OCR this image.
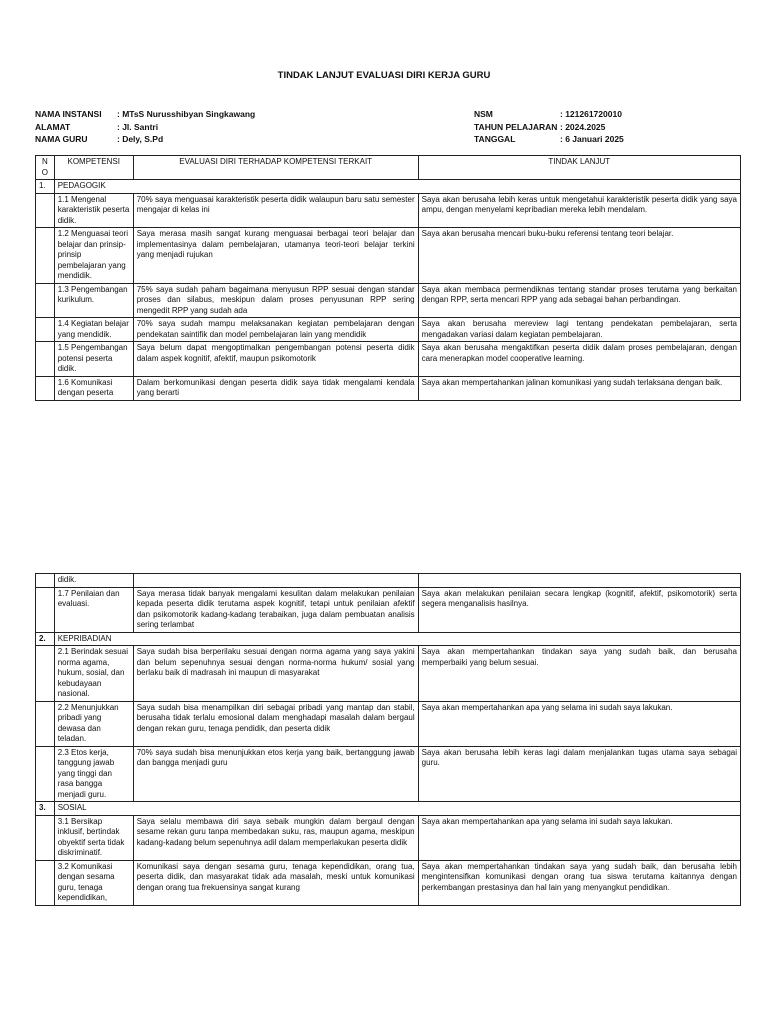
TINDAK LANJUT EVALUASI DIRI KERJA GURU
NAMA INSTANSI	: MTsS Nurusshibyan Singkawang
ALAMAT	: Jl. Santri
NAMA GURU	: Dely, S.Pd
NSM	: 121261720010
TAHUN PELAJARAN : 2024.2025
TANGGAL	: 6 Januari 2025
N O	KOMPETENSI	EVALUASI DIRI TERHADAP KOMPETENSI TERKAIT	TINDAK LANJUT
1.	PEDAGOGIK		
	1.1 Mengenal karakteristik peserta didik.	70% saya menguasai karakteristik peserta didik walaupun baru satu semester mengajar di kelas ini	Saya akan berusaha lebih keras untuk mengetahui karakteristik peserta didik yang saya ampu, dengan menyelami kepribadian mereka lebih mendalam.
	1.2 Menguasai teori belajar dan prinsip-prinsip pembelajaran yang mendidik.	Saya merasa masih sangat kurang menguasai berbagai teori belajar dan implementasinya dalam pembelajaran, utamanya teori-teori belajar terkini yang menjadi rujukan	Saya akan berusaha mencari buku-buku referensi tentang teori belajar.
	1.3 Pengembangan kurikulum.	75% saya sudah paham bagaimana menyusun RPP sesuai dengan standar proses dan silabus, meskipun dalam proses penyusunan RPP sering mengedit RPP yang sudah ada	Saya akan membaca permendiknas tentang standar proses terutama yang berkaitan dengan RPP, serta mencari RPP yang ada sebagai bahan perbandingan.
	1.4 Kegiatan belajar yang mendidik.	70% saya sudah mampu melaksanakan kegiatan pembelajaran dengan pendekatan saintifik dan model pembelajaran lain yang mendidik	Saya akan berusaha mereview lagi tentang pendekatan pembelajaran, serta mengadakan variasi dalam kegiatan pembelajaran.
	1.5 Pengembangan potensi peserta didik.	Saya belum dapat mengoptimalkan pengembangan potensi peserta didik dalam aspek kognitif, afektif, maupun psikomotorik	Saya akan berusaha mengaktifkan peserta didik dalam proses pembelajaran, dengan cara menerapkan model cooperative learning.
	1.6 Komunikasi dengan peserta	Dalam berkomunikasi dengan peserta didik saya tidak mengalami kendala yang berarti	Saya akan mempertahankan jalinan komunikasi yang sudah terlaksana dengan baik.
	didik.		
	1.7 Penilaian dan evaluasi.	Saya merasa tidak banyak mengalami kesulitan dalam melakukan penilaian kepada peserta didik terutama aspek kognitif, tetapi untuk penilaian afektif dan psikomotorik kadang-kadang terabaikan, juga dalam pembuatan analisis sering terlambat	Saya akan melakukan penilaian secara lengkap (kognitif, afektif, psikomotorik) serta segera menganalisis hasilnya.
2.	KEPRIBADIAN		
	2.1 Berindak sesuai norma agama, hukum, sosial, dan kebudayaan nasional.	Saya sudah bisa berperilaku sesuai dengan norma agama yang saya yakini dan belum sepenuhnya sesuai dengan norma-norma hukum/ sosial yang berlaku baik di madrasah ini maupun di masyarakat	Saya akan mempertahankan tindakan saya yang sudah baik, dan berusaha memperbaiki yang belum sesuai.
	2.2 Menunjukkan pribadi yang dewasa dan teladan.	Saya sudah bisa menampilkan diri sebagai pribadi yang mantap dan stabil, berusaha tidak terlalu emosional dalam menghadapi masalah dalam bergaul dengan rekan guru, tenaga pendidik, dan peserta didik	Saya akan mempertahankan apa yang selama ini sudah saya lakukan.
	2.3 Etos kerja, tanggung jawab yang tinggi dan rasa bangga menjadi guru.	70% saya sudah bisa menunjukkan etos kerja yang baik, bertanggung jawab dan bangga menjadi guru	Saya akan berusaha lebih keras lagi dalam menjalankan tugas utama saya sebagai guru.
3.	SOSIAL		
	3.1 Bersikap inklusif, bertindak obyektif serta tidak diskriminatif.	Saya selalu membawa diri saya sebaik mungkin dalam bergaul dengan sesame rekan guru tanpa membedakan suku, ras, maupun agama, meskipun kadang-kadang belum sepenuhnya adil dalam memperlakukan peserta didik	Saya akan mempertahankan apa yang selama ini sudah saya lakukan.
	3.2 Komunikasi dengan sesama guru, tenaga kependidikan,	Komunikasi saya dengan sesama guru, tenaga kependidikan, orang tua, peserta didik, dan masyarakat tidak ada masalah, meski untuk komunikasi dengan orang tua frekuensinya sangat kurang	Saya akan mempertahankan tindakan saya yang sudah baik, dan berusaha lebih mengintensifkan komunikasi dengan orang tua siswa terutama kaitannya dengan perkembangan prestasinya dan hal lain yang menyangkut pendidikan.
